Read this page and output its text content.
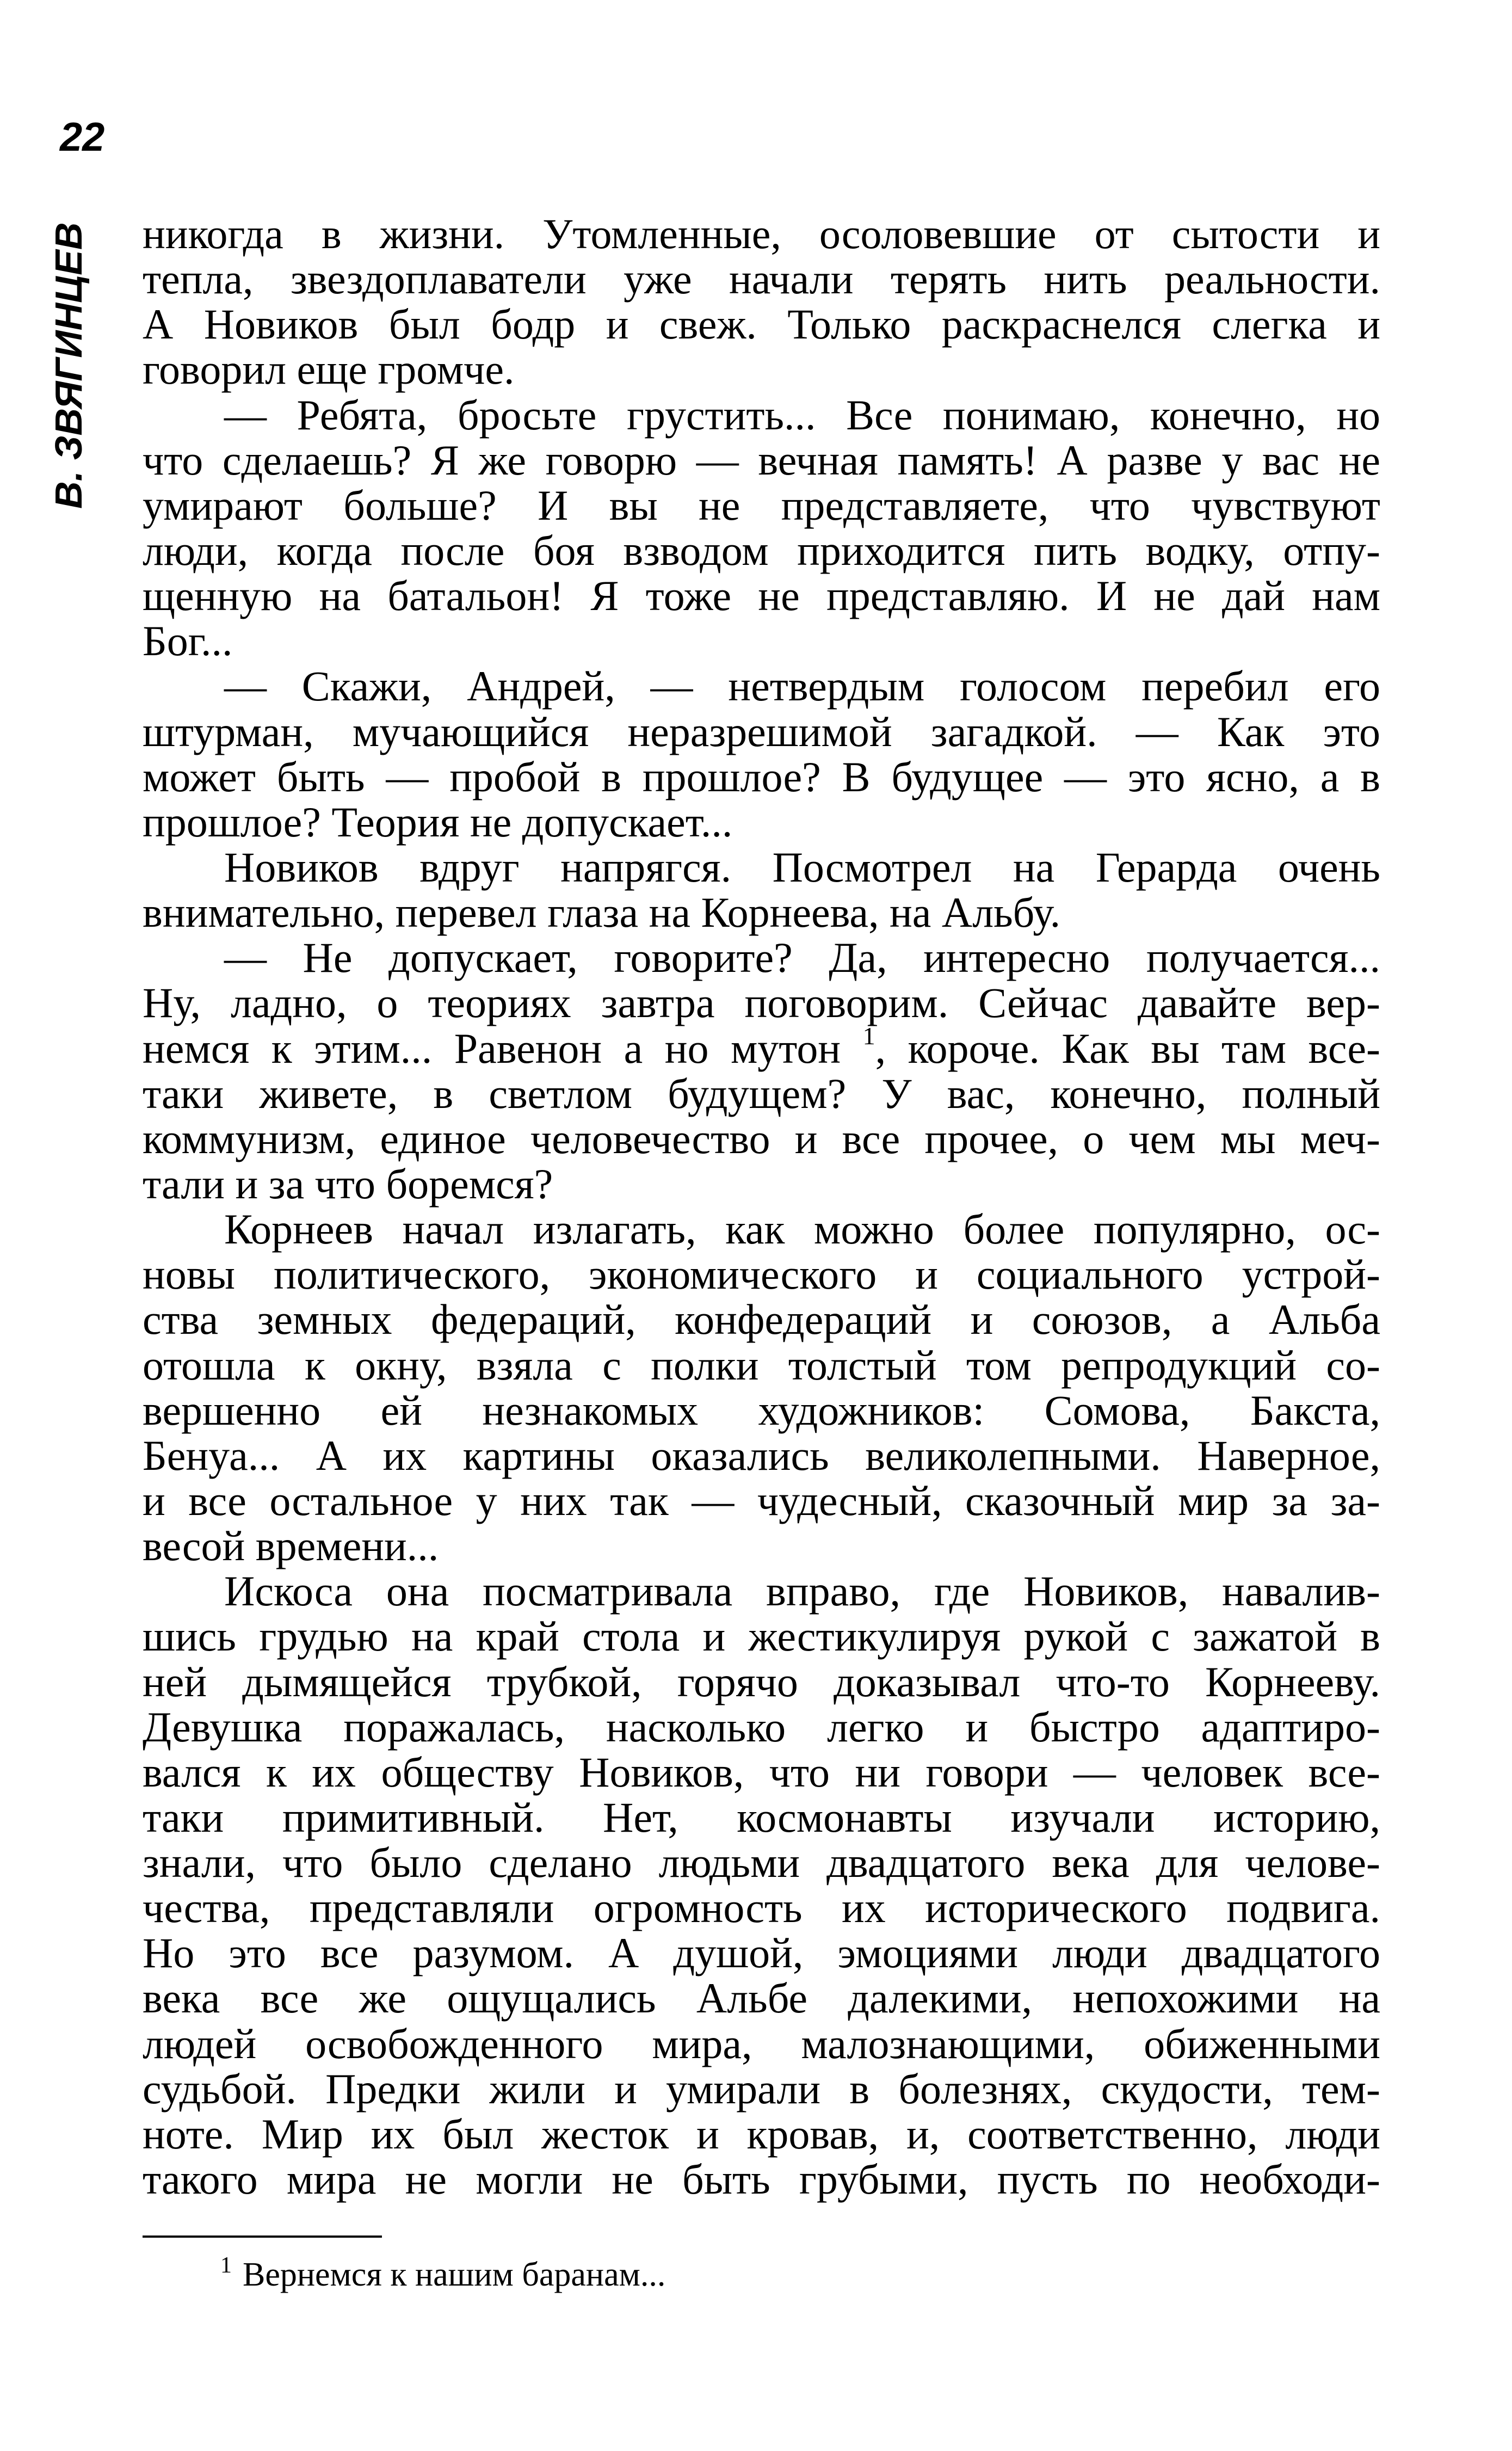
22
В. ЗВЯГИНЦЕВ никогда в жизни. Утомленные, осоловевшие от сытости и
тепла, звездоплаватели уже начали терять нить реальности.
А Новиков был бодр и свеж. Только раскраснелся слегка и
говорил еще громче.
— Ребята, бросьте грустить... Все понимаю, конечно, но
что сделаешь? Я же говорю — вечная память! А разве у вас не
умирают больше? И вы не представляете, что чувствуют
люди, когда после боя взводом приходится пить водку, отпу-
щенную на батальон! Я тоже не представляю. И не дай нам
Бог...
— Скажи, Андрей, — нетвердым голосом перебил его
штурман, мучающийся неразрешимой загадкой. — Как это
может быть — пробой в прошлое? В будущее — это ясно, а в
прошлое? Теория не допускает...
Новиков вдруг напрягся. Посмотрел на Герарда очень
внимательно, перевел глаза на Корнеева, на Альбу.
— Не допускает, говорите? Да, интересно получается...
Ну, ладно, о теориях завтра поговорим. Сейчас давайте вер-
немся к этим... Равенон а но мутон $^1$, короче. Как вы там все-
таки живете, в светлом будущем? У вас, конечно, полный
коммунизм, единое человечество и все прочее, о чем мы меч-
тали и за что боремся?
Корнеев начал излагать, как можно более популярно, ос-
новы политического, экономического и социального устрой-
ства земных федераций, конфедераций и союзов, а Альба
отошла к окну, взяла с полки толстый том репродукций со-
вершенно ей незнакомых художников: Сомова, Бакста,
Бенуа... А их картины оказались великолепными. Наверное,
и все остальное у них так — чудесный, сказочный мир за за-
весой времени...
Искоса она посматривала вправо, где Новиков, навалив-
шись грудью на край стола и жестикулируя рукой с зажатой в
ней дымящейся трубкой, горячо доказывал что-то Корнееву.
Девушка поражалась, насколько легко и быстро адаптиро-
вался к их обществу Новиков, что ни говори — человек все-
таки примитивный. Нет, космонавты изучали историю,
знали, что было сделано людьми двадцатого века для челове-
чества, представляли огромность их исторического подвига.
Но это все разумом. А душой, эмоциями люди двадцатого
века все же ощущались Альбе далекими, непохожими на
людей освобожденного мира, малознающими, обиженными
судьбой. Предки жили и умирали в болезнях, скудости, тем-
ноте. Мир их был жесток и кровав, и, соответственно, люди
такого мира не могли не быть грубыми, пусть по необходи-
$^1$ Вернемся к нашим баранам...
